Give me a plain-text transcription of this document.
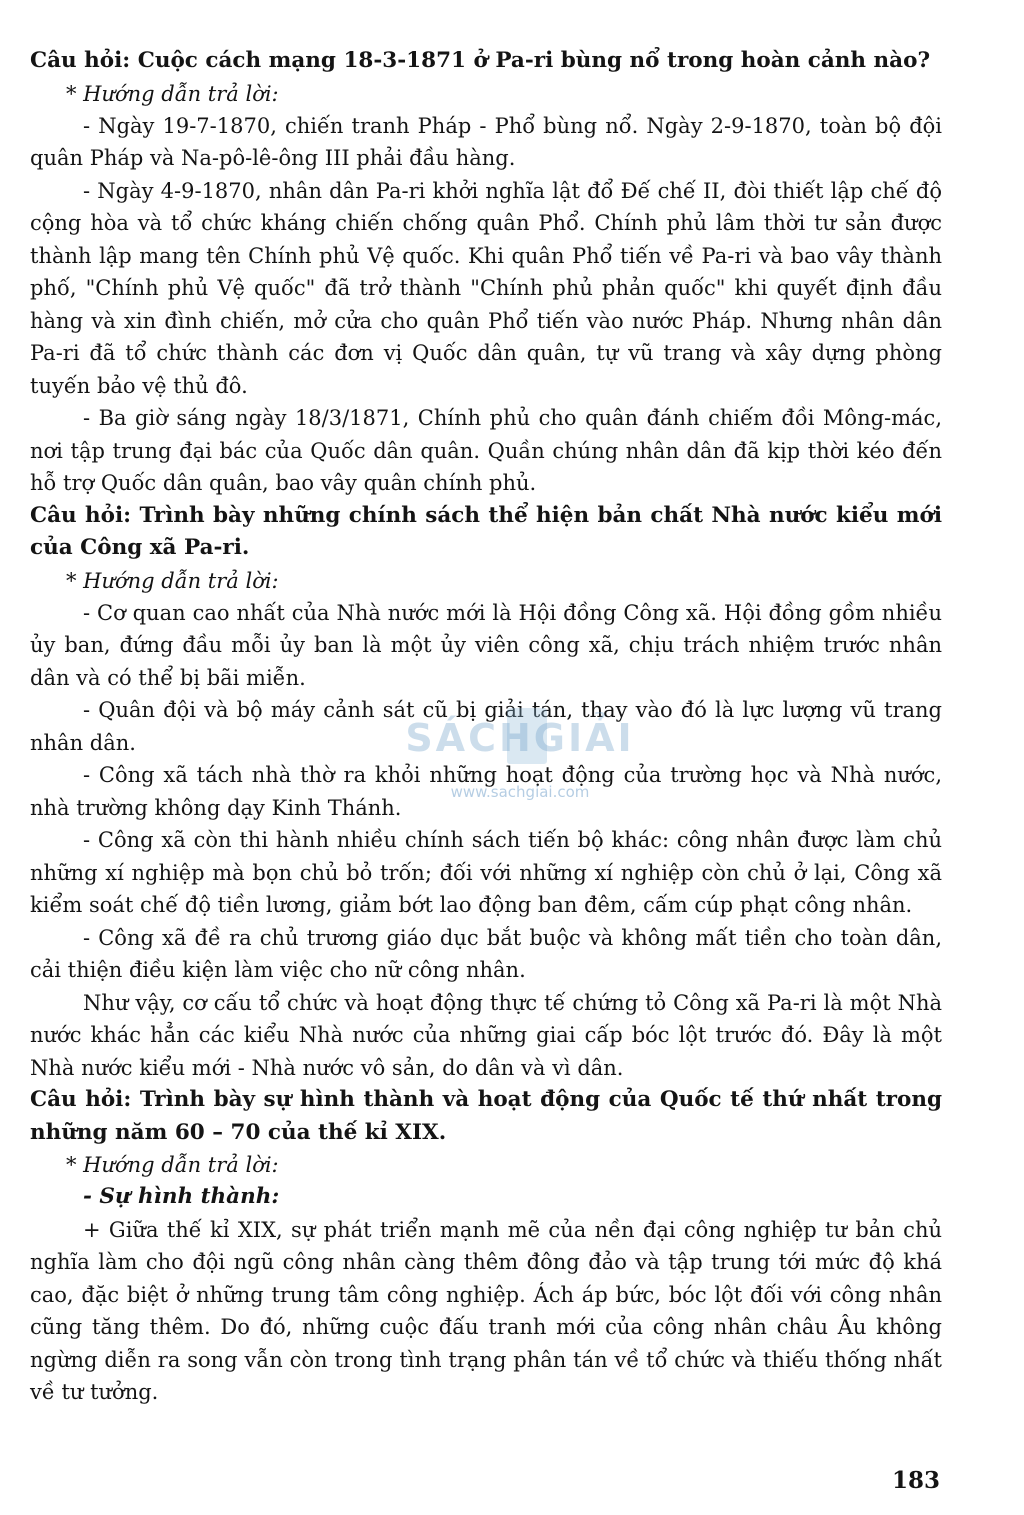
Câu hỏi: Cuộc cách mạng 18-3-1871 ở Pa-ri bùng nổ trong hoàn cảnh nào?

* Hướng dẫn trả lời:

- Ngày 19-7-1870, chiến tranh Pháp - Phổ bùng nổ. Ngày 2-9-1870, toàn bộ đội quân Pháp và Na-pô-lê-ông III phải đầu hàng.

- Ngày 4-9-1870, nhân dân Pa-ri khởi nghĩa lật đổ Đế chế II, đòi thiết lập chế độ cộng hòa và tổ chức kháng chiến chống quân Phổ. Chính phủ lâm thời tư sản được thành lập mang tên Chính phủ Vệ quốc. Khi quân Phổ tiến về Pa-ri và bao vây thành phố, "Chính phủ Vệ quốc" đã trở thành "Chính phủ phản quốc" khi quyết định đầu hàng và xin đình chiến, mở cửa cho quân Phổ tiến vào nước Pháp. Nhưng nhân dân Pa-ri đã tổ chức thành các đơn vị Quốc dân quân, tự vũ trang và xây dựng phòng tuyến bảo vệ thủ đô.

- Ba giờ sáng ngày 18/3/1871, Chính phủ cho quân đánh chiếm đồi Mông-mác, nơi tập trung đại bác của Quốc dân quân. Quần chúng nhân dân đã kịp thời kéo đến hỗ trợ Quốc dân quân, bao vây quân chính phủ.

Câu hỏi: Trình bày những chính sách thể hiện bản chất Nhà nước kiểu mới của Công xã Pa-ri.

* Hướng dẫn trả lời:

- Cơ quan cao nhất của Nhà nước mới là Hội đồng Công xã. Hội đồng gồm nhiều ủy ban, đứng đầu mỗi ủy ban là một ủy viên công xã, chịu trách nhiệm trước nhân dân và có thể bị bãi miễn.

- Quân đội và bộ máy cảnh sát cũ bị giải tán, thay vào đó là lực lượng vũ trang nhân dân.

- Công xã tách nhà thờ ra khỏi những hoạt động của trường học và Nhà nước, nhà trường không dạy Kinh Thánh.

- Công xã còn thi hành nhiều chính sách tiến bộ khác: công nhân được làm chủ những xí nghiệp mà bọn chủ bỏ trốn; đối với những xí nghiệp còn chủ ở lại, Công xã kiểm soát chế độ tiền lương, giảm bớt lao động ban đêm, cấm cúp phạt công nhân.

- Công xã đề ra chủ trương giáo dục bắt buộc và không mất tiền cho toàn dân, cải thiện điều kiện làm việc cho nữ công nhân.

Như vậy, cơ cấu tổ chức và hoạt động thực tế chứng tỏ Công xã Pa-ri là một Nhà nước khác hẳn các kiểu Nhà nước của những giai cấp bóc lột trước đó. Đây là một Nhà nước kiểu mới - Nhà nước vô sản, do dân và vì dân.

Câu hỏi: Trình bày sự hình thành và hoạt động của Quốc tế thứ nhất trong những năm 60 – 70 của thế kỉ XIX.

* Hướng dẫn trả lời:

- Sự hình thành:

+ Giữa thế kỉ XIX, sự phát triển mạnh mẽ của nền đại công nghiệp tư bản chủ nghĩa làm cho đội ngũ công nhân càng thêm đông đảo và tập trung tới mức độ khá cao, đặc biệt ở những trung tâm công nghiệp. Ách áp bức, bóc lột đối với công nhân cũng tăng thêm. Do đó, những cuộc đấu tranh mới của công nhân châu Âu không ngừng diễn ra song vẫn còn trong tình trạng phân tán về tổ chức và thiếu thống nhất về tư tưởng.

SÁCHGIẢI
www.sachgiai.com
183
